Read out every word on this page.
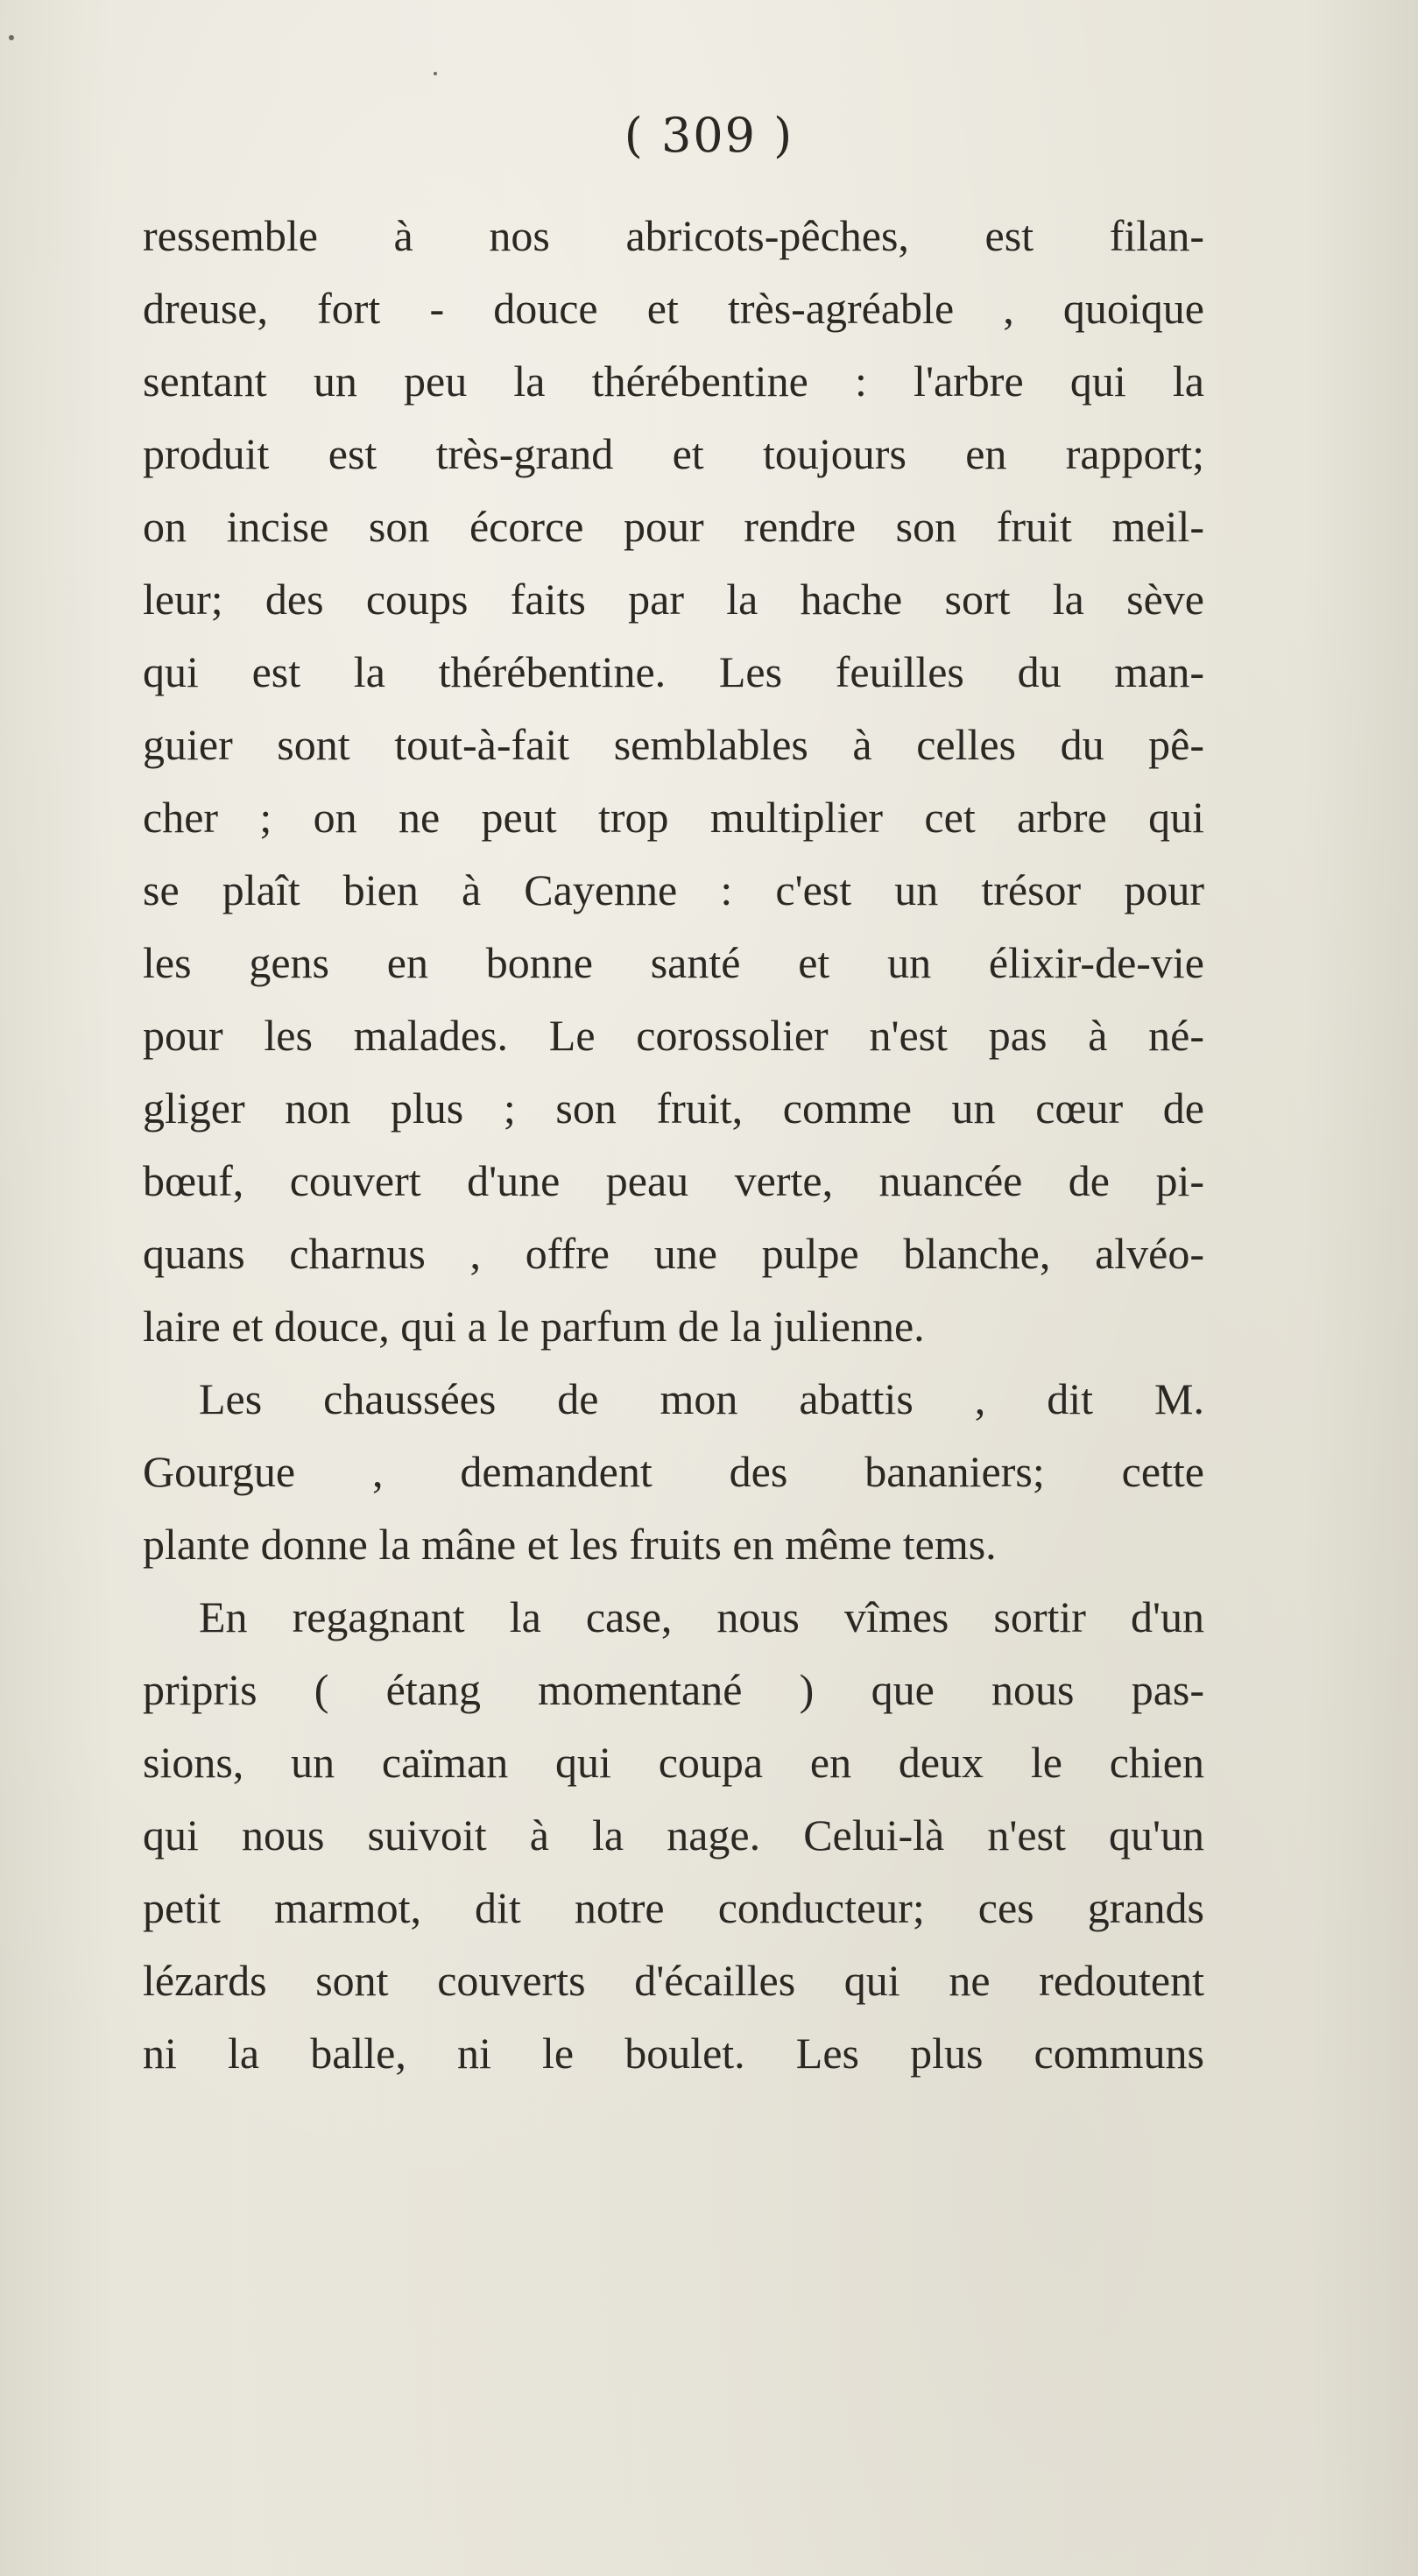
( 309 )
ressemble à nos abricots-pêches, est filan-
dreuse, fort - douce et très-agréable , quoique
sentant un peu la thérébentine : l'arbre qui la
produit est très-grand et toujours en rapport;
on incise son écorce pour rendre son fruit meil-
leur; des coups faits par la hache sort la sève
qui est la thérébentine. Les feuilles du man-
guier sont tout-à-fait semblables à celles du pê-
cher ; on ne peut trop multiplier cet arbre qui
se plaît bien à Cayenne : c'est un trésor pour
les gens en bonne santé et un élixir-de-vie
pour les malades. Le corossolier n'est pas à né-
gliger non plus ; son fruit, comme un cœur de
bœuf, couvert d'une peau verte, nuancée de pi-
quans charnus , offre une pulpe blanche, alvéo-
laire et douce, qui a le parfum de la julienne.
Les chaussées de mon abattis , dit M.
Gourgue , demandent des bananiers; cette
plante donne la mâne et les fruits en même tems.
En regagnant la case, nous vîmes sortir d'un
pripris ( étang momentané ) que nous pas-
sions, un caïman qui coupa en deux le chien
qui nous suivoit à la nage. Celui-là n'est qu'un
petit marmot, dit notre conducteur; ces grands
lézards sont couverts d'écailles qui ne redoutent
ni la balle, ni le boulet. Les plus communs
